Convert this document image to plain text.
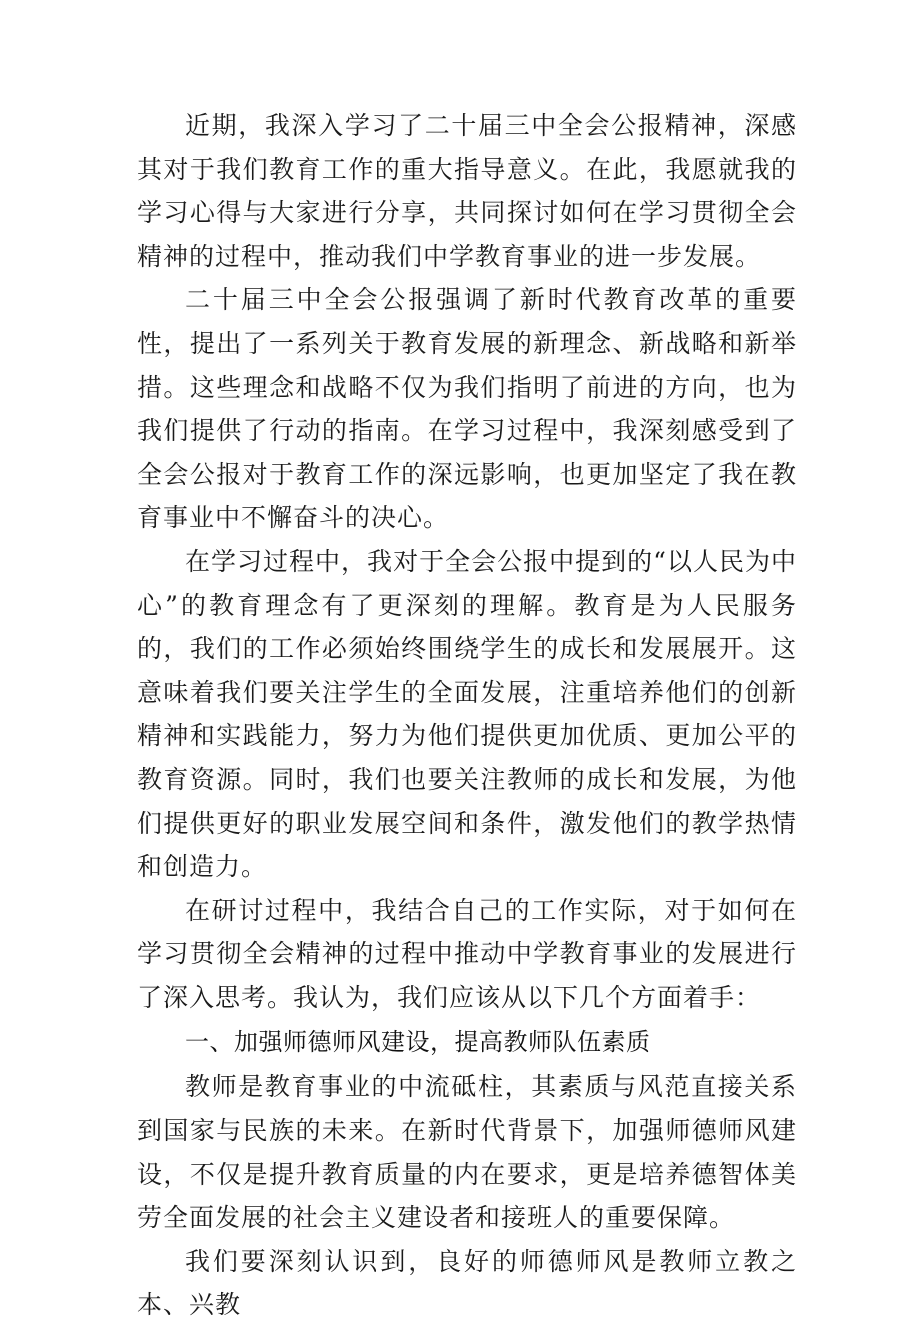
近期，我深入学习了二十届三中全会公报精神，深感其对于我们教育工作的重大指导意义。在此，我愿就我的学习心得与大家进行分享，共同探讨如何在学习贯彻全会精神的过程中，推动我们中学教育事业的进一步发展。

二十届三中全会公报强调了新时代教育改革的重要性，提出了一系列关于教育发展的新理念、新战略和新举措。这些理念和战略不仅为我们指明了前进的方向，也为我们提供了行动的指南。在学习过程中，我深刻感受到了全会公报对于教育工作的深远影响，也更加坚定了我在教育事业中不懈奋斗的决心。

在学习过程中，我对于全会公报中提到的“以人民为中心”的教育理念有了更深刻的理解。教育是为人民服务的，我们的工作必须始终围绕学生的成长和发展展开。这意味着我们要关注学生的全面发展，注重培养他们的创新精神和实践能力，努力为他们提供更加优质、更加公平的教育资源。同时，我们也要关注教师的成长和发展，为他们提供更好的职业发展空间和条件，激发他们的教学热情和创造力。

在研讨过程中，我结合自己的工作实际，对于如何在学习贯彻全会精神的过程中推动中学教育事业的发展进行了深入思考。我认为，我们应该从以下几个方面着手：

一、加强师德师风建设，提高教师队伍素质

教师是教育事业的中流砥柱，其素质与风范直接关系到国家与民族的未来。在新时代背景下，加强师德师风建设，不仅是提升教育质量的内在要求，更是培养德智体美劳全面发展的社会主义建设者和接班人的重要保障。

我们要深刻认识到，良好的师德师风是教师立教之本、兴教
